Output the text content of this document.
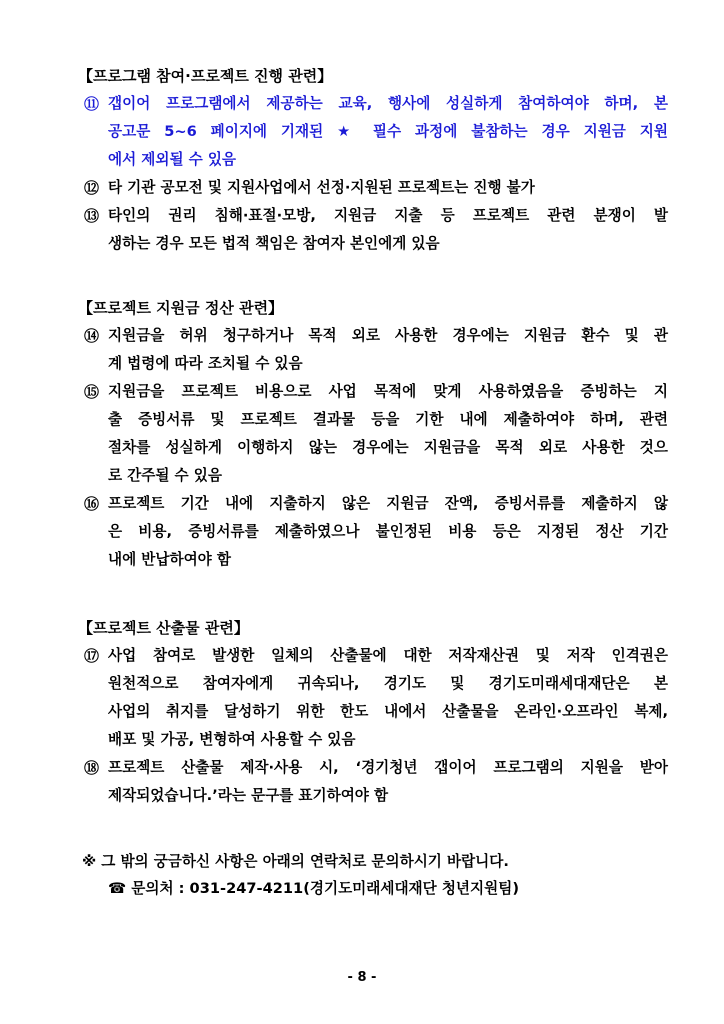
【프로그램 참여·프로젝트 진행 관련】
⑪ 갭이어 프로그램에서 제공하는 교육, 행사에 성실하게 참여하여야 하며, 본
공고문 5~6 페이지에 기재된 ★ 필수 과정에 불참하는 경우 지원금 지원
에서 제외될 수 있음
⑫ 타 기관 공모전 및 지원사업에서 선정·지원된 프로젝트는 진행 불가
⑬ 타인의 권리 침해·표절·모방, 지원금 지출 등 프로젝트 관련 분쟁이 발
생하는 경우 모든 법적 책임은 참여자 본인에게 있음
【프로젝트 지원금 정산 관련】
⑭ 지원금을 허위 청구하거나 목적 외로 사용한 경우에는 지원금 환수 및 관
계 법령에 따라 조치될 수 있음
⑮ 지원금을 프로젝트 비용으로 사업 목적에 맞게 사용하였음을 증빙하는 지
출 증빙서류 및 프로젝트 결과물 등을 기한 내에 제출하여야 하며, 관련
절차를 성실하게 이행하지 않는 경우에는 지원금을 목적 외로 사용한 것으
로 간주될 수 있음
⑯ 프로젝트 기간 내에 지출하지 않은 지원금 잔액, 증빙서류를 제출하지 않
은 비용, 증빙서류를 제출하였으나 불인정된 비용 등은 지정된 정산 기간
내에 반납하여야 함
【프로젝트 산출물 관련】
⑰ 사업 참여로 발생한 일체의 산출물에 대한 저작재산권 및 저작 인격권은
원천적으로 참여자에게 귀속되나, 경기도 및 경기도미래세대재단은 본
사업의 취지를 달성하기 위한 한도 내에서 산출물을 온라인·오프라인 복제,
배포 및 가공, 변형하여 사용할 수 있음
⑱ 프로젝트 산출물 제작·사용 시, ‘경기청년 갭이어 프로그램의 지원을 받아
제작되었습니다.’라는 문구를 표기하여야 함
※ 그 밖의 궁금하신 사항은 아래의 연락처로 문의하시기 바랍니다.
☎ 문의처 : 031-247-4211(경기도미래세대재단 청년지원팀)
- 8 -
